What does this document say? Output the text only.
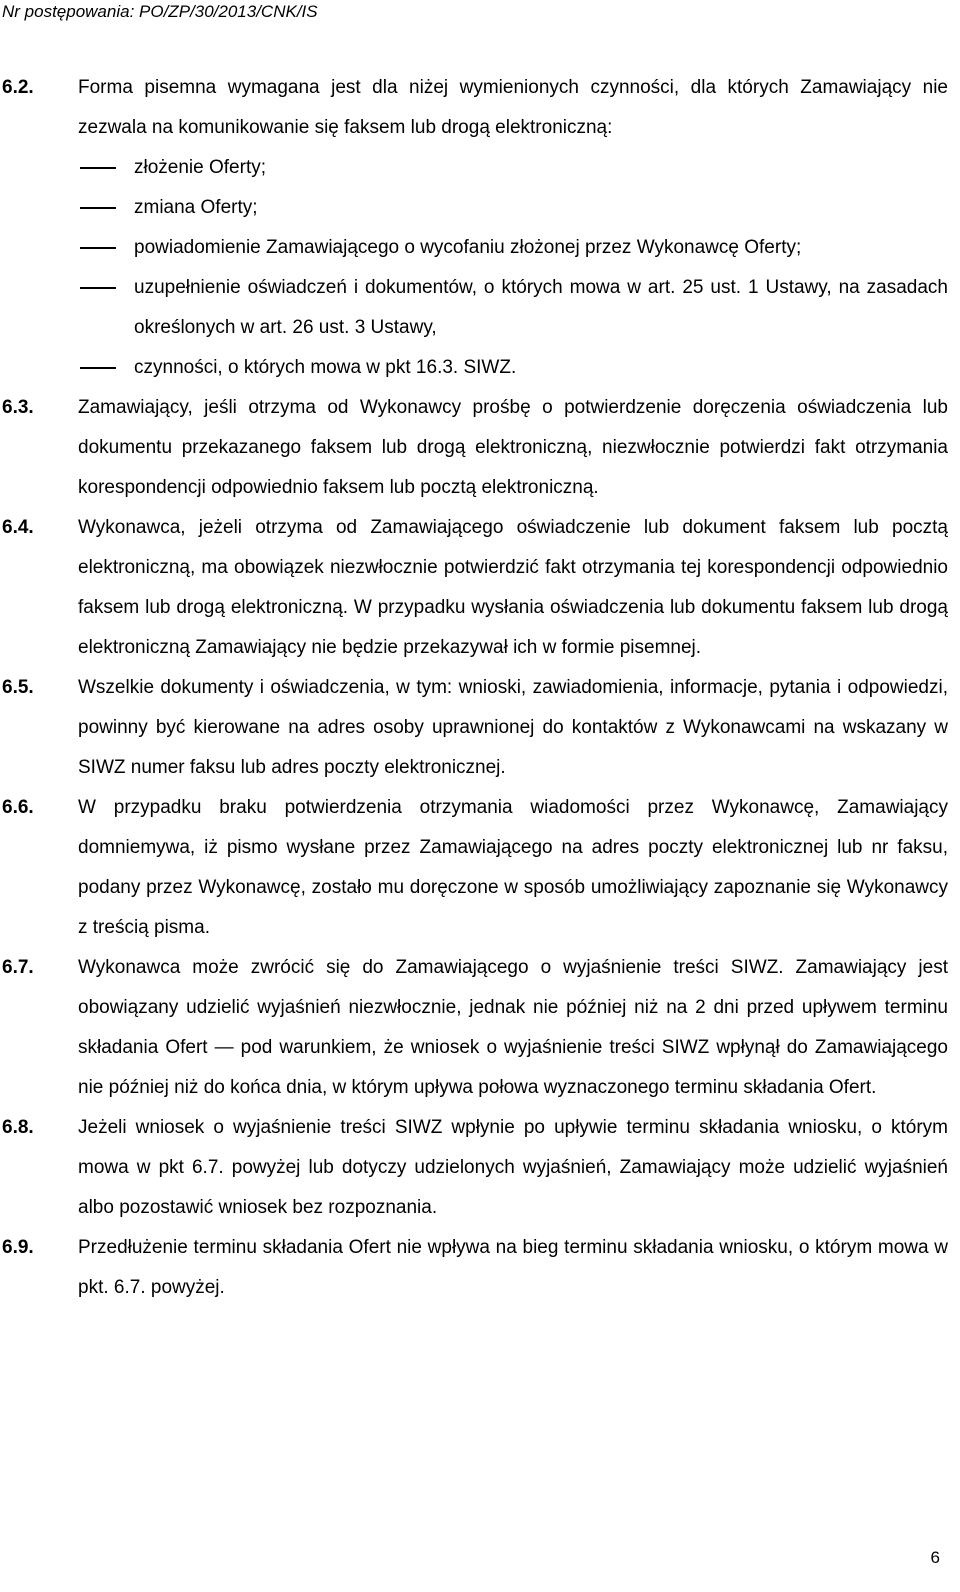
Nr postępowania: PO/ZP/30/2013/CNK/IS
6.2. Forma pisemna wymagana jest dla niżej wymienionych czynności, dla których Zamawiający nie zezwala na komunikowanie się faksem lub drogą elektroniczną:
złożenie Oferty;
zmiana Oferty;
powiadomienie Zamawiającego o wycofaniu złożonej przez Wykonawcę Oferty;
uzupełnienie oświadczeń i dokumentów, o których mowa w art. 25 ust. 1 Ustawy, na zasadach określonych w art. 26 ust. 3 Ustawy,
czynności, o których mowa w pkt 16.3. SIWZ.
6.3. Zamawiający, jeśli otrzyma od Wykonawcy prośbę o potwierdzenie doręczenia oświadczenia lub dokumentu przekazanego faksem lub drogą elektroniczną, niezwłocznie potwierdzi fakt otrzymania korespondencji odpowiednio faksem lub pocztą elektroniczną.
6.4. Wykonawca, jeżeli otrzyma od Zamawiającego oświadczenie lub dokument faksem lub pocztą elektroniczną, ma obowiązek niezwłocznie potwierdzić fakt otrzymania tej korespondencji odpowiednio faksem lub drogą elektroniczną. W przypadku wysłania oświadczenia lub dokumentu faksem lub drogą elektroniczną Zamawiający nie będzie przekazywał ich w formie pisemnej.
6.5. Wszelkie dokumenty i oświadczenia, w tym: wnioski, zawiadomienia, informacje, pytania i odpowiedzi, powinny być kierowane na adres osoby uprawnionej do kontaktów z Wykonawcami na wskazany w SIWZ numer faksu lub adres poczty elektronicznej.
6.6. W przypadku braku potwierdzenia otrzymania wiadomości przez Wykonawcę, Zamawiający domniemywa, iż pismo wysłane przez Zamawiającego na adres poczty elektronicznej lub nr faksu, podany przez Wykonawcę, zostało mu doręczone w sposób umożliwiający zapoznanie się Wykonawcy z treścią pisma.
6.7. Wykonawca może zwrócić się do Zamawiającego o wyjaśnienie treści SIWZ. Zamawiający jest obowiązany udzielić wyjaśnień niezwłocznie, jednak nie później niż na 2 dni przed upływem terminu składania Ofert — pod warunkiem, że wniosek o wyjaśnienie treści SIWZ wpłynął do Zamawiającego nie później niż do końca dnia, w którym upływa połowa wyznaczonego terminu składania Ofert.
6.8. Jeżeli wniosek o wyjaśnienie treści SIWZ wpłynie po upływie terminu składania wniosku, o którym mowa w pkt 6.7. powyżej lub dotyczy udzielonych wyjaśnień, Zamawiający może udzielić wyjaśnień albo pozostawić wniosek bez rozpoznania.
6.9. Przedłużenie terminu składania Ofert nie wpływa na bieg terminu składania wniosku, o którym mowa w pkt. 6.7. powyżej.
6
